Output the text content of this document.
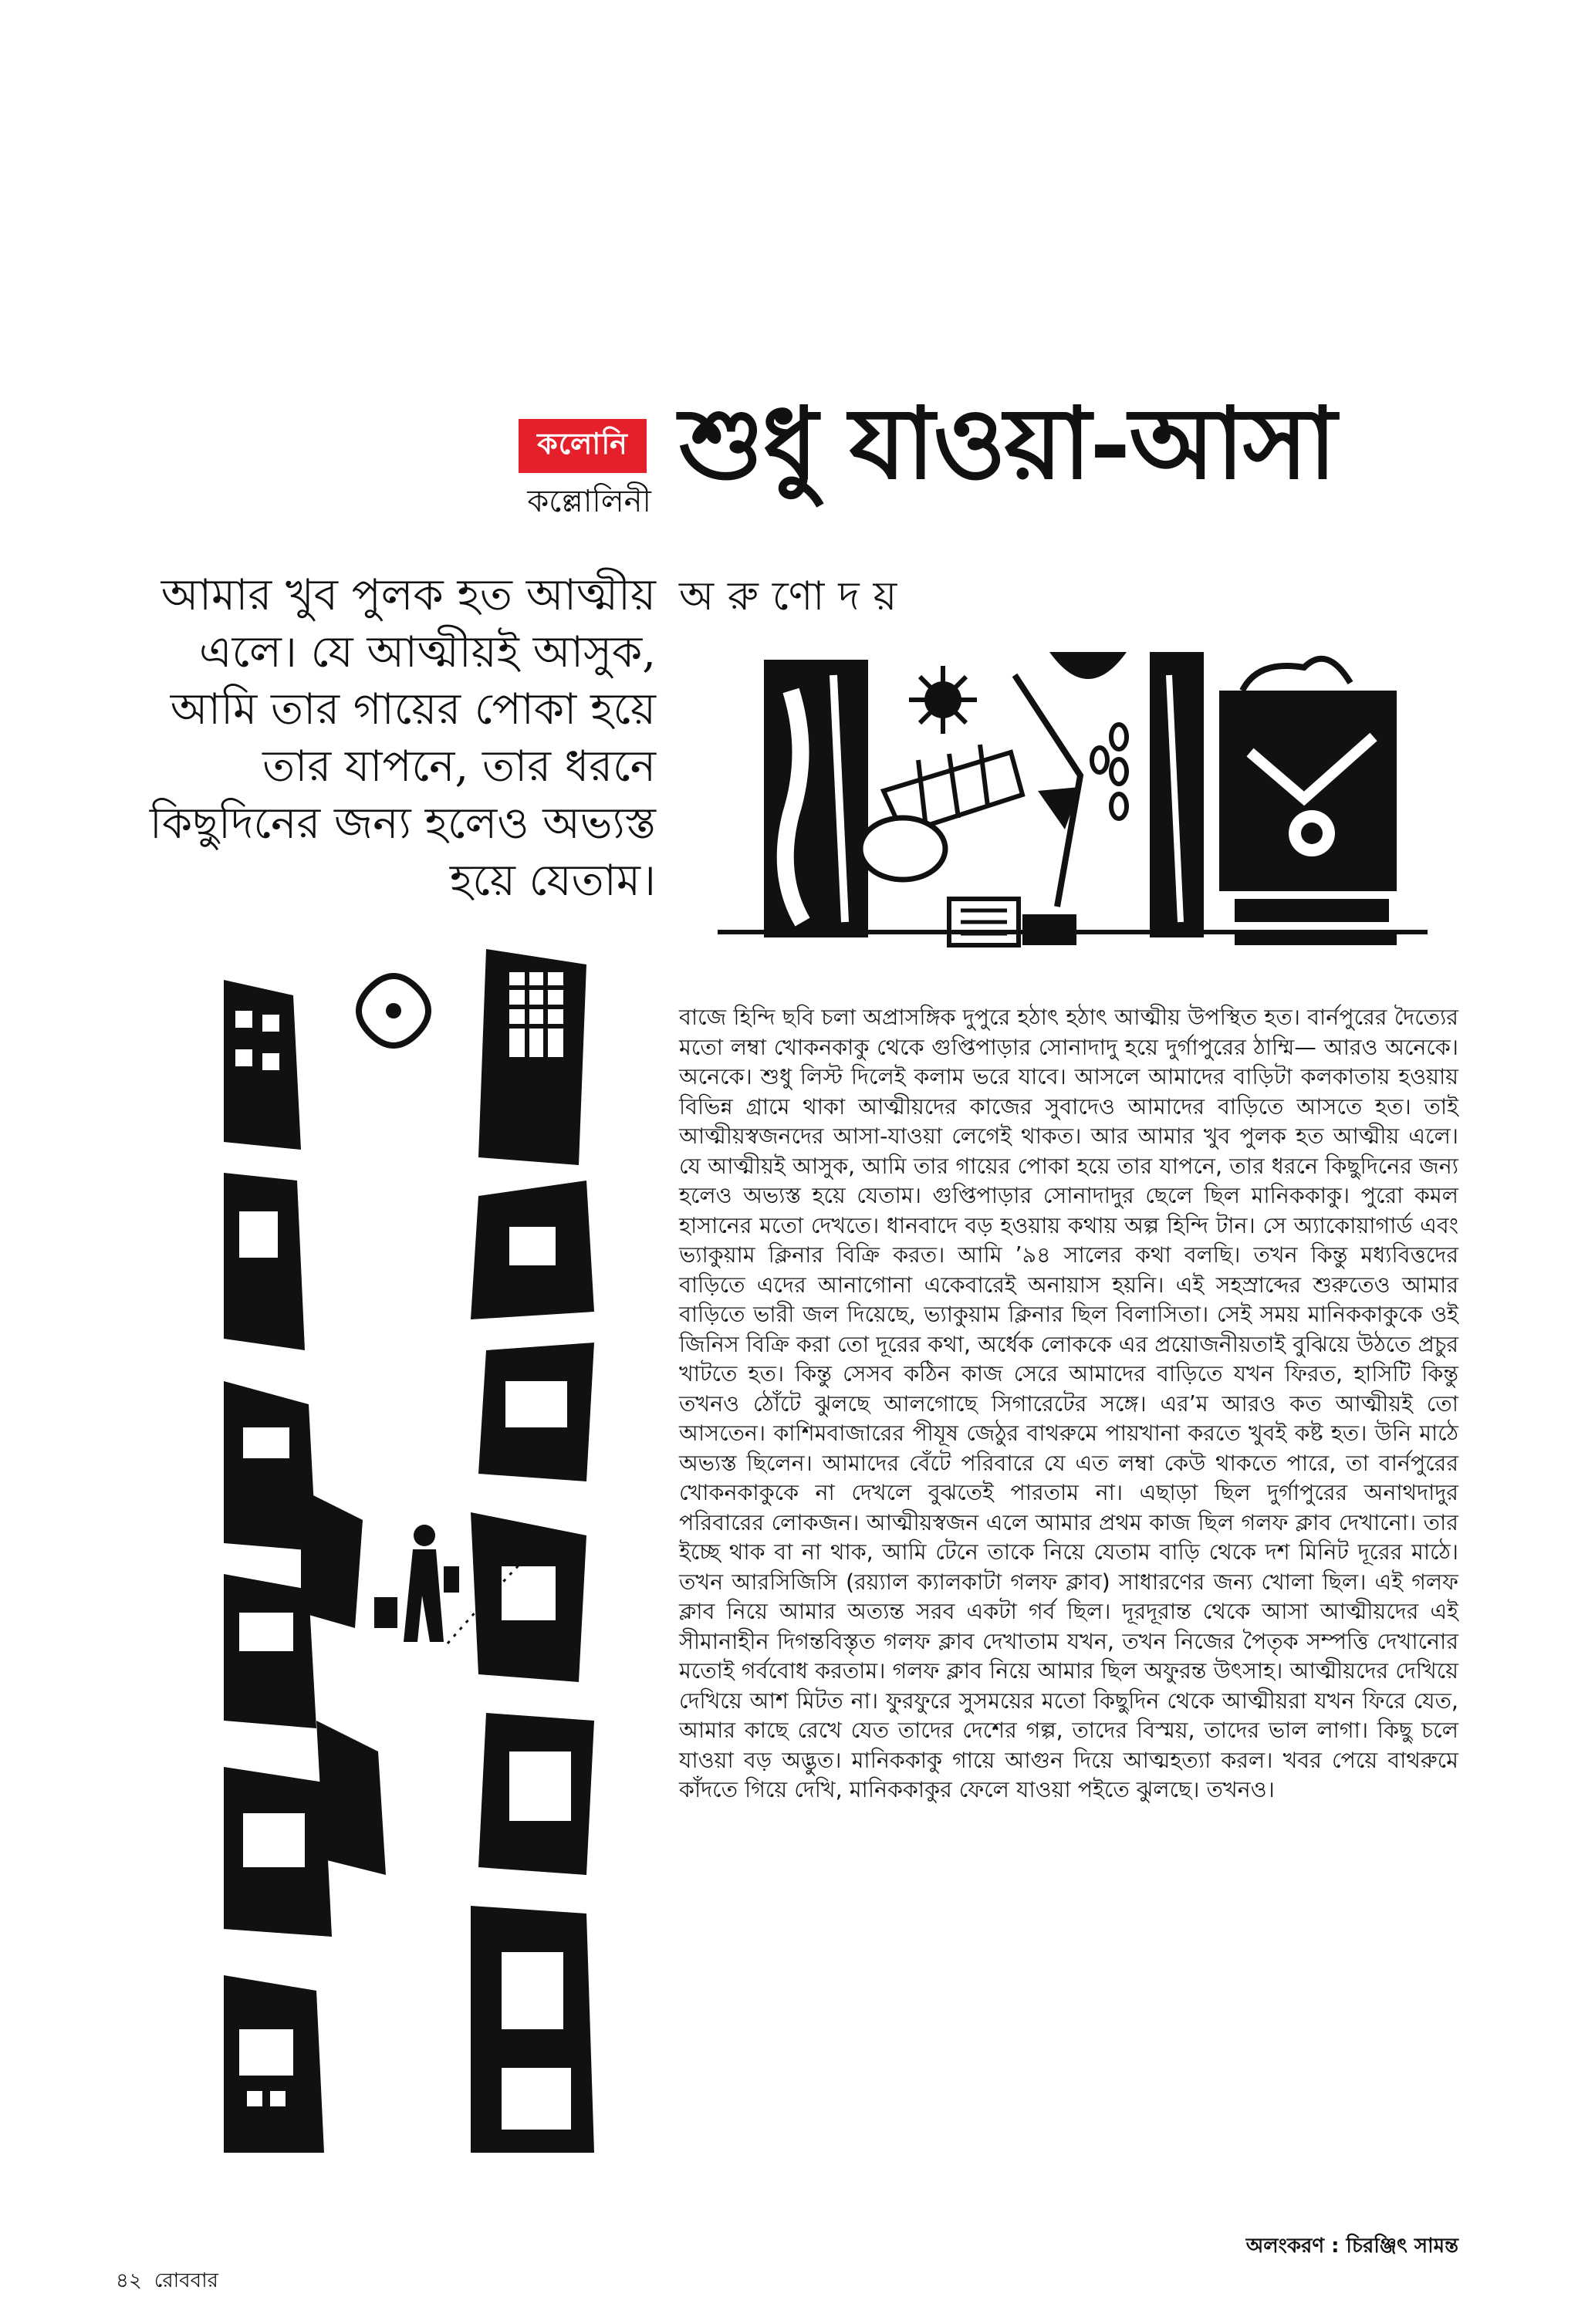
কলোনি
কল্লোলিনী শুধু যাওয়া-আসা
অরুণোদয়
আমার খুব পুলক হত আত্মীয় এলে। যে আত্মীয়ই আসুক, আমি তার গায়ের পোকা হয়ে তার যাপনে, তার ধরনে কিছুদিনের জন্য হলেও অভ্যস্ত হয়ে যেতাম।

বাজে হিন্দি ছবি চলা অপ্রাসঙ্গিক দুপুরে হঠাৎ হঠাৎ আত্মীয় উপস্থিত হত। বার্নপুরের দৈত্যের মতো লম্বা খোকনকাকু থেকে গুপ্তিপাড়ার সোনাদাদু হয়ে দুর্গাপুরের ঠাম্মি— আরও অনেকে। অনেকে। শুধু লিস্ট দিলেই কলাম ভরে যাবে। আসলে আমাদের বাড়িটা কলকাতায় হওয়ায় বিভিন্ন গ্রামে থাকা আত্মীয়দের কাজের সুবাদেও আমাদের বাড়িতে আসতে হত। তাই আত্মীয়স্বজনদের আসা-যাওয়া লেগেই থাকত। আর আমার খুব পুলক হত আত্মীয় এলে। যে আত্মীয়ই আসুক, আমি তার গায়ের পোকা হয়ে তার যাপনে, তার ধরনে কিছুদিনের জন্য হলেও অভ্যস্ত হয়ে যেতাম। গুপ্তিপাড়ার সোনাদাদুর ছেলে ছিল মানিককাকু। পুরো কমল হাসানের মতো দেখতে। ধানবাদে বড় হওয়ায় কথায় অল্প হিন্দি টান। সে অ্যাকোয়াগার্ড এবং ভ্যাকুয়াম ক্লিনার বিক্রি করত। আমি ’৯৪ সালের কথা বলছি। তখন কিন্তু মধ্যবিত্তদের বাড়িতে এদের আনাগোনা একেবারেই অনায়াস হয়নি। এই সহস্রাব্দের শুরুতেও আমার বাড়িতে ভারী জল দিয়েছে, ভ্যাকুয়াম ক্লিনার ছিল বিলাসিতা। সেই সময় মানিককাকুকে ওই জিনিস বিক্রি করা তো দূরের কথা, অর্ধেক লোককে এর প্রয়োজনীয়তাই বুঝিয়ে উঠতে প্রচুর খাটতে হত। কিন্তু সেসব কঠিন কাজ সেরে আমাদের বাড়িতে যখন ফিরত, হাসিটি কিন্তু তখনও ঠোঁটে ঝুলছে আলগোছে সিগারেটের সঙ্গে। এর’ম আরও কত আত্মীয়ই তো আসতেন। কাশিমবাজারের পীযূষ জেঠুর বাথরুমে পায়খানা করতে খুবই কষ্ট হত। উনি মাঠে অভ্যস্ত ছিলেন। আমাদের বেঁটে পরিবারে যে এত লম্বা কেউ থাকতে পারে, তা বার্নপুরের খোকনকাকুকে না দেখলে বুঝতেই পারতাম না। এছাড়া ছিল দুর্গাপুরের অনাথদাদুর পরিবারের লোকজন। আত্মীয়স্বজন এলে আমার প্রথম কাজ ছিল গলফ ক্লাব দেখানো। তার ইচ্ছে থাক বা না থাক, আমি টেনে তাকে নিয়ে যেতাম বাড়ি থেকে দশ মিনিট দূরের মাঠে। তখন আরসিজিসি (রয়্যাল ক্যালকাটা গলফ ক্লাব) সাধারণের জন্য খোলা ছিল। এই গলফ ক্লাব নিয়ে আমার অত্যন্ত সরব একটা গর্ব ছিল। দূরদূরান্ত থেকে আসা আত্মীয়দের এই সীমানাহীন দিগন্তবিস্তৃত গলফ ক্লাব দেখাতাম যখন, তখন নিজের পৈতৃক সম্পত্তি দেখানোর মতোই গর্ববোধ করতাম। গলফ ক্লাব নিয়ে আমার ছিল অফুরন্ত উৎসাহ। আত্মীয়দের দেখিয়ে দেখিয়ে আশ মিটত না। ফুরফুরে সুসময়ের মতো কিছুদিন থেকে আত্মীয়রা যখন ফিরে যেত, আমার কাছে রেখে যেত তাদের দেশের গল্প, তাদের বিস্ময়, তাদের ভাল লাগা। কিছু চলে যাওয়া বড় অদ্ভুত। মানিককাকু গায়ে আগুন দিয়ে আত্মহত্যা করল। খবর পেয়ে বাথরুমে কাঁদতে গিয়ে দেখি, মানিককাকুর ফেলে যাওয়া পইতে ঝুলছে। তখনও।

অলংকরণ : চিরঞ্জিৎ সামন্ত
৪২ রোববার
